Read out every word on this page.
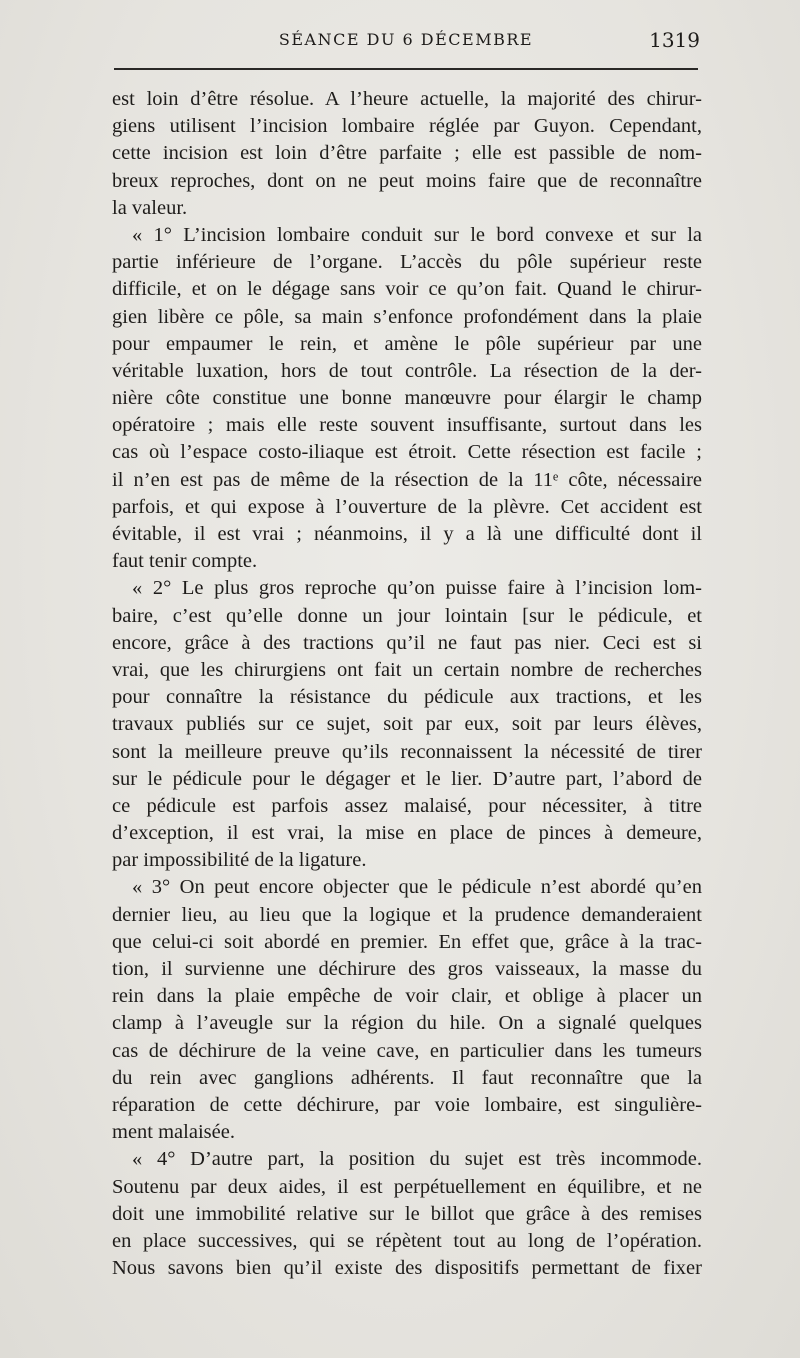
SÉANCE DU 6 DÉCEMBRE	1319
est loin d’être résolue. A l’heure actuelle, la majorité des chirur-
giens utilisent l’incision lombaire réglée par Guyon. Cependant,
cette incision est loin d’être parfaite ; elle est passible de nom-
breux reproches, dont on ne peut moins faire que de reconnaître
la valeur.
« 1° L’incision lombaire conduit sur le bord convexe et sur la
partie inférieure de l’organe. L’accès du pôle supérieur reste
difficile, et on le dégage sans voir ce qu’on fait. Quand le chirur-
gien libère ce pôle, sa main s’enfonce profondément dans la plaie
pour empaumer le rein, et amène le pôle supérieur par une
véritable luxation, hors de tout contrôle. La résection de la der-
nière côte constitue une bonne manœuvre pour élargir le champ
opératoire ; mais elle reste souvent insuffisante, surtout dans les
cas où l’espace costo-iliaque est étroit. Cette résection est facile ;
il n’en est pas de même de la résection de la 11ᵉ côte, nécessaire
parfois, et qui expose à l’ouverture de la plèvre. Cet accident est
évitable, il est vrai ; néanmoins, il y a là une difficulté dont il
faut tenir compte.
« 2° Le plus gros reproche qu’on puisse faire à l’incision lom-
baire, c’est qu’elle donne un jour lointain [sur le pédicule, et
encore, grâce à des tractions qu’il ne faut pas nier. Ceci est si
vrai, que les chirurgiens ont fait un certain nombre de recherches
pour connaître la résistance du pédicule aux tractions, et les
travaux publiés sur ce sujet, soit par eux, soit par leurs élèves,
sont la meilleure preuve qu’ils reconnaissent la nécessité de tirer
sur le pédicule pour le dégager et le lier. D’autre part, l’abord de
ce pédicule est parfois assez malaisé, pour nécessiter, à titre
d’exception, il est vrai, la mise en place de pinces à demeure,
par impossibilité de la ligature.
« 3° On peut encore objecter que le pédicule n’est abordé qu’en
dernier lieu, au lieu que la logique et la prudence demanderaient
que celui-ci soit abordé en premier. En effet que, grâce à la trac-
tion, il survienne une déchirure des gros vaisseaux, la masse du
rein dans la plaie empêche de voir clair, et oblige à placer un
clamp à l’aveugle sur la région du hile. On a signalé quelques
cas de déchirure de la veine cave, en particulier dans les tumeurs
du rein avec ganglions adhérents. Il faut reconnaître que la
réparation de cette déchirure, par voie lombaire, est singulière-
ment malaisée.
« 4° D’autre part, la position du sujet est très incommode.
Soutenu par deux aides, il est perpétuellement en équilibre, et ne
doit une immobilité relative sur le billot que grâce à des remises
en place successives, qui se répètent tout au long de l’opération.
Nous savons bien qu’il existe des dispositifs permettant de fixer
